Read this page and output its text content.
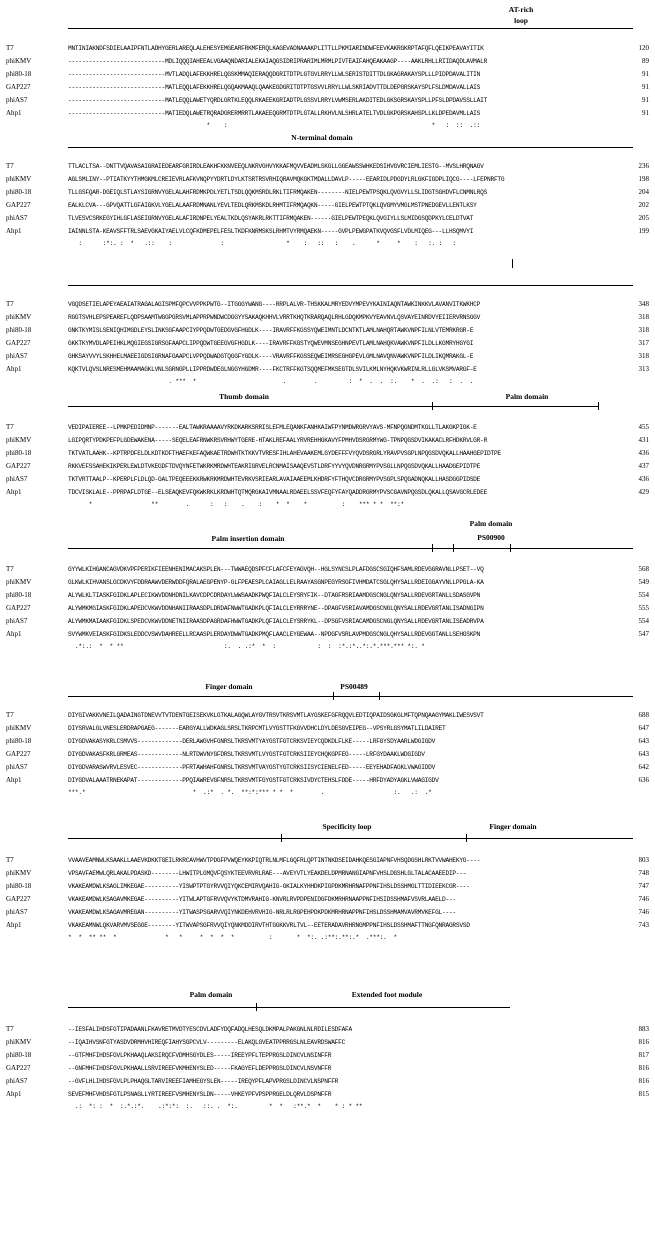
AT-rich
loop
T7	MNTINIAKNDFSDIELAAIPFNTLADHYGERLAREQLALEHESYEMGEARFRKMFERQLKAGEVADNAAAKPLITTLLPKMIARINDWFEEVKAKRGKRPTAFQFLQEIKPEAVAYITIK	120
phiKMV	----------------------------MDLIQQQIAHEEALVGAAQNDARIALEKAIAQGSIDRIPRARIMLMRMLPIVTEAIFAHQEAKAAGP----AAKLRHLLRIIDAQDLAVMALR	89
phi80-18	----------------------------MVTLADQLAFEKKHRELQGSKMMAQIERAQQDGRITDTPLGTGVLRRYLLWLSERISTDITTDLGKAGRAKAYSPLLLPIDPDAVALITIN	91
GAP227	----------------------------MATLEQQLAFEKKHRELQGQAKMAAQLQAAKEGDGRITDTPTGSVVLRRYLLWLSKRIADVTTDLDEPGRSKAYSPLFSLDMDAVALLAIS	91
phiAS7	----------------------------MATLEQQLAWETYQRDLGRTKLEQQLRKAEEKGRIADTPLGSSVLRRYLVWMSERLAKDITEDLGKSGRSKAYSPLLPFSLDPDAVSSLLAIT	91
Ahp1	----------------------------MATIEDQLAWETRQRADGRERMRRTLAKAEEQGRMTDTPLGTALLRKHVLNLSHRLATELTVDLGKPGRSKAHSPLLKLDPEDAVMLLAIS	91
*    :                                                           *   :  ::  .::
N-terminal domain
T7	TTLACLTSA--DNTTVQAVASAIGRAIEDEARFGRIRDLEAKHFKKNVEEQLNKRVGHVYKKAFMQVVEADMLSKGLLGGEAWSSWHKEDSIHVGVRCIEMLIESTG--MVSLHRQNAGV	236
phiKMV	AGLSMLINY--PTIATKYYTHMGKMLCREIEVRLAFKVNQPYYDRTLDYLKTSRTRSVRHIQRAVMQKGKTMDALLDAVLP-----EEARIDLPDGDYLRLGKFIGDPLIQCG----LFEPNRFTG	198
phi80-18	TLLGSFQAR-DGEIQLSTLAYSIGRNVYGELALAHFRDMKPDLYETLTSDLQQKMSRDLRKLTIFRMQAKEN--------NIELPEWTPSQKLQVGVYLLSLIDGTSGHDVFLCNMNLRQS	204
GAP227	EALKLCVA---GPVQATTLGFAIGKVLYGELALAAFRDMNANLYEVLTEDLQRKMSKDLRHMTIFRMQAQKN-----GIELPEWTPTQKLQVGMYVMGLMSTPNEDGEVLLENTLKSY	202
phiAS7	TLVESVCSRKEGYIHLGFLASEIGRNVYGELALAFIRDNPELYEALTKDLQSYAKRLRKTTIFRMQAKEN------GIELPEWTPEQKLQVGIYLLSLMIDGSQDPKYLCELDTVAT	205
Ahp1	IAINNLSTA-KEAVSFFTRLSAEVGKAIYAELVLCQFKDMEPELFESLTKDFKNRMSKSLRHMTVYRMQAEKN-----GVPLPEWGPATKVQVGSFLVDLMIQEG---LLHSQMVYI	199
:      :*:. :  *   .::    :              :                  *    :   ::   :    .      *     *    :   :. :   :
T7	VGQDSETIELAPEYAEAIATRAGALAGISPMFQPCVVPPKPWTG--ITGGGYWANG----RRPLALVR-THSKKALMRYEDVYMPEVYKAINIAQNTAWKINKKVLAVANVITKWKHCP	348
phiKMV	RGGTSVHLEPSPEAREFLQDPSAAMTWGGPGRSVMLAPPRPWNDWCDGGYYSAKAQKHHVLVRRTKHQTKRARQAQLRHLGDQKMPKVYEAVNVLQSVAYEINRDVYEIIERVRNSGGV	318
phi80-18	GNKTKYMISLSENIQHIMGDLEYSLINKSGFAAPCIYPPQDWTGEDGVGFHGDLK----IRAVRFFKGSSYQWEIMNTLDCNTKTLAMLNAHQRTAWKVNPFILNLVTEMRKRGR-E	318
GAP227	GKKTKYMVDLAPEIHKLMQGIEGSIGRSGFAAPCLIPPQDWTGEEGVGFHGDLK----IRAVRFFKGSTYQWEVMNSEGHNPEVTLAMLNAHQKVAWKVNPFILDLLKGMRYHGYGI	317
phiAS7	GHKSAYVVYLSKHHELMAEEIGDSIGRNAFGAAPCLVPPQDWADGTQGGFYGDLK----VRAVRFFKGSSEQWEIMRSEGHGPEVLGMLNAVQNVAWKVNPFILDLIKQMRAKGL-E	318
Ahp1	KQKTVLQVSLNRESMEHMAAMAGKLVNLSGRNGPLLIPPRDWDEGLNGGYHGDMR----FKCTRFFKGTSQQMEFMKSEGTDLSVILKMLNYHQKVKWRINLRLLGLVKSMVARGF-E	313
. ***  *                         .        .         :  *  .  .  :.    *  .  .:   :  .  .
Thumb domain	Palm domain
T7	VEDIPAIEREE--LPMKPEDIDMNP-------EALTAWKRAAAAVYRKDKARKSRRISLEFMLEQANKFANHKAIWFPYNMDWRGRVYAVS-MFNPQGNDMTKGLLTLAKGKPIGK-E	455
phiKMV	LGIPQRTYPDKPEFPLGDEWAKENA-----SEQELEAFRNWKRSVRHWYTGERE-HTAKLREFAALYRVREHHGKAVYFPMHVDSRGRMYWG-TPNPQGSDVIKAKACLRFHDKRVLGR-R	431
phi80-18	TKTVATLAAHK--KPTRPDFELDLKDTKDFTHAEFKEFAQWKAETRDWHTKTKKVTVRESFIHLAHEVAAKEMLGYDEFFFVYQVDSRGRLYRAVPVSGPLNPQGSDVQKALLHAAHGEPIDTPE	436
GAP227	RKKVEFSSAHEKIKPERLEWLDTVKEGDFTDVQYNFETWKRKMRDWHTEAKRIGRVELRCNMAISAAQEVSTLDRFYYVYQVDNRGRMYPVSGLLNPQGSDVQKALLHAADGEPIDTPE	437
phiAS7	TKTVRTTAALP--KPERPLFLDLQD-GALTPEQEEEKKRWKRKMRDWHTEVRKVSRIEARLAVAIAAEEMLKHDRFYFTHQVCDRGRMYPVSGPLSPQGADNQKALLHASDGGPIDSDE	436
Ahp1	TDCVISKLALE--PPRPAFLDTGE--ELSEAQKEVFQKWKRKLKRDWHTQTMQRGKAIVMNAALRDAEELSSVFEQFYFAYQADDRGRMYPVSCGAVNPQGSDLQKALLQSAVGCRLEDEE	429
*                 **        .      :   :    .    :    *  *    *          :    *** * *  **:*
Palm insertion domain
Palm domain
PS00900
T7	GYYWLKIHGANCAGVDKVPFPERIKFIEENHENIMACAKSPLEN---TWWAEQDSPFCFLAFCFEYAGVQH--HGLSYNCSLPLAFDGSCSGIQHFSAMLRDEVGGRAVNLLPSET--VQ	568
phiKMV	GLKWLKIHVANSLGCDKVYFDDRAAWVDERWDDFQRALAEGPENYP-GLFPEAESPLCAIAGLLELRAAYASGNPEGYRSGFIVHMDATCSGLQHYSALLRDEIGGAYVNLLPPGLA-KA	549
phi80-18	ALYWLKLTIASKFGIDKLAPLECIKWVDDNHDNILKAVCDPCDRDAYLWWSAADKPWQFIALCLEYSRYFIK--DTAGFRSRIAAMDGSCNGLQNYSALLRDEVGRTANLLSDASGVPN	554
GAP227	ALYWMKMGIASKFGIDKLAPEDCVKWVDDNHANIIRAASDPLDRDAFNWWTGADKPLQFIALCLEYRRRYNE--DPAGFVSRIAVAMDGSCNGLQNYSALLRDEVGRTANLISADNGIPN	555
phiAS7	ALYWMKMAIAAKFGIDKLSPEDCVKWVDDNETNIIRAASDPAGRDAFHWWTGADKPLQFIALCLEYSRRYKL--DPSGFVSRIACAMDGSCNGLQNYSALLRDEVGRTANLISEADRVPA	554
Ahp1	SVYWMKVEIASKFGIDKSLEDDCVSWVDAHREELLRCAASPLERDAYDWWTGADKPMQFLAACLEYGEWAA--NPDGFVSRLAVPMDGSCNGLQHYSALLRDEVGGTANLLSEHGSKPN	547
.*:.:  *  * **                             :.  . .:*  *  :            :  :  :*.:*..*:.*.***.*** *:. *
Finger domain	PS00489
T7	DIYGIVAKKVNEILQADAINGTDNEVVTVTDENTGEISEKVKLGTKALAGQWLAYGVTRSVTKRSVMTLAYGSKEFGFRQQVLEDTIQPAIDSGKGLMFTQPNQAAGYMAKLIWESVSVT	688
phiKMV	DIYSRVALGLVNESLERDRAPGAEG-------EARGYALLWDKAGLSRSLTKRPCMTLVYGSTTFKGVVDHCLDYLDESGVEIPEG--VPSYRLGSYMATLILDAIRET	647
phi80-18	DIYGDVAKASYKRLCSMVVS-------------DERLAWGVHFGNRSLTKRSVMTYAYGSTFGTCRKSVIEYCQDKDLFLKE-----LRFGYSDYAARLWDGIGDV	643
GAP227	DIYGDVAKASFKRLGRMEAS-------------NLRTDWVNYGFDRSLTKRSVMTLVYGSTFGTCRKSIIEYCHQKGPFEG-----LRFGYDAAKLWDGIGDV	643
phiAS7	DIYGDVARASWVRVLESVEC-------------PFRTAWHAHFGNRSLTKRSVMTVAYGSTYGTCRKSIISYCIENELFED-----EEYEHADFAGKLVWAGIDDV	642
Ahp1	DIYGDVALAAATRNEKAPAT-------------PPQIAWREVGFNRSLTKRSVMTFGYGSTFGTCRKSIVDYCTEHSLFDDE-----HRFDYADYAGKLVWAGIGDV	636
***.*                               *  .:*  . *.  **:*:*** * *  *        .                    :.   .:  .*
Specificity loop	Finger domain
T7	VVAAVEAMNWLKSAAKLLAAEVKDKKTGEILRKRCAVHWVTPDGFPVWQEYKKPIQTRLNLMFLGQFRLQPTINTNKDSEIDAHKQESGIAPNFVHSQDGSHLRKTVVWAHEKYG----	803
phiKMV	VPSAVFAEMWLQRLAKALPDASKD--------LHWITPLGMQVFQSYKTEEVRVRLRAE---AVEYVTLYEAKDELDPMRNANGIAPNFVHSLDGSHLGLTALACAAEEDIP---	748
phi80-18	VKAKEAMDWLKSAGLIMKEGAE----------YISWPTPTGYRVVQIYQKCEMIRVQAHIG-GKIALKYHHDKPIGPDKMRHRNAFPPNFIHSLDSSHMGLTTIDIEEKCGR----	747
GAP227	VKAKEAMDWLKSAGAVMKEGAE----------YITWLAPTGFRVVQVYKTDMVRAHIG-KNVRLRVPDPENIDGFDKMRHRNAAPPNFIHSIDSSHMAFVSVRLAAELD---	746
phiAS7	VKAKEAMDWLKSAGAVMREGAN----------YITWASPSGARVVQIYNKDEHVRVHIG-NRLRLRGPEHPDKPDKMRHRNAPPNFIHSLDSSHMAMVAVRMVKEFGL----	746
Ahp1	VKAKEAMNWLQKVARVMVSEGGE--------YITWVAPSGFRVVQIYQNKMDDIRVTHTGGKKVRLTVL--EETERADAVRHRNGMPPNFIHSLDSSHMAFTTNGFQNRAGRSVSD	743
*  *  ** **  *              *   *     *  *  *  *          :       *  *:. .:**:.**:.*  .***:.  *
Palm domain	Extended foot module
T7	--IESFALIHDSFGTIPADAANLFKAVRETMVDTYESCDVLADFYDQFADQLHESQLDKMPALPAKGNLNLRDILESDFAFA	883
phiKMV	--IQAIHVSNFGTYASDVDRMHVHIREQFIAHYSGPCVLV---------ELAKQLGVEATPPRRGSLNLEAVRDSWAFFC	816
phi80-18	--GTFMHFIHDSFGVLPKHAAQLAKSIRQCFVDMHSGYDLES-----IREEYPFLTEPPRGSLDINCVLNSINFFR	817
GAP227	--GNFMHFIHDSFGVLPKHAALLSRVIREEFVKMHENYSLED-----FKAGYEFLDEPPRGSLDINCVLNSVNFFR	816
phiAS7	--GVFLHLIHDSFGVLPLPHAQGLTARVIREEFIAMHEGYSLEN-----IREQYPFLAPVPRGSLDINCVLNSPNFFR	816
Ahp1	SEVEFMHFVHDSFGTLPSNAGLLYRTIREEFVSMHENYSLDN-----VHKEYPFVPSPPRGELDLQRVLDSPNFFR	815
.:  *: :  *  :.*.:*.    .:*:*:  :.   ::. .  *:.         *  *   :**.*  *    * : * **
